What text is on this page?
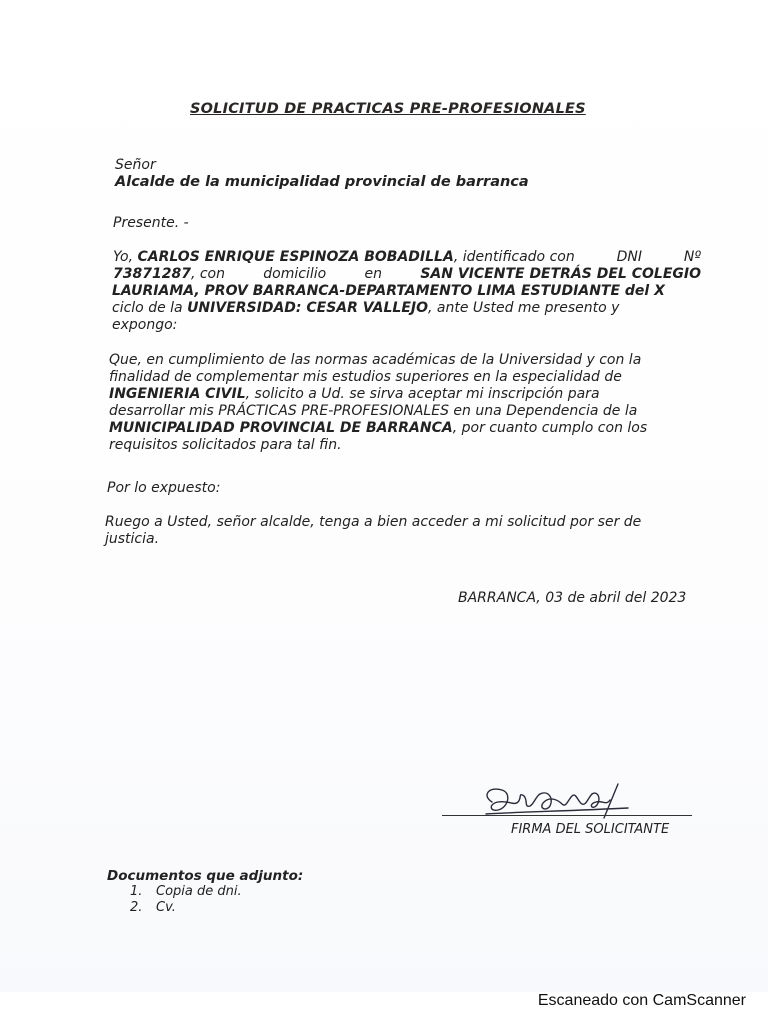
SOLICITUD DE PRACTICAS PRE-PROFESIONALES
Señor
Alcalde de la municipalidad provincial de barranca
Presente. -
Yo, CARLOS ENRIQUE ESPINOZA BOBADILLA, identificado con	DNI	Nº
73871287, con	domicilio	en	SAN VICENTE DETRÁS DEL COLEGIO
LAURIAMA, PROV BARRANCA-DEPARTAMENTO LIMA ESTUDIANTE del X
ciclo de la UNIVERSIDAD: CESAR VALLEJO, ante Usted me presento y
expongo:
Que, en cumplimiento de las normas académicas de la Universidad y con la
finalidad de complementar mis estudios superiores en la especialidad de
INGENIERIA CIVIL, solicito a Ud. se sirva aceptar mi inscripción para
desarrollar mis PRÁCTICAS PRE-PROFESIONALES en una Dependencia de la
MUNICIPALIDAD PROVINCIAL DE BARRANCA, por cuanto cumplo con los
requisitos solicitados para tal fin.
Por lo expuesto:
Ruego a Usted, señor alcalde, tenga a bien acceder a mi solicitud por ser de
justicia.
BARRANCA, 03 de abril del 2023
FIRMA DEL SOLICITANTE
Documentos que adjunto:
1. Copia de dni.
2. Cv.
Escaneado con CamScanner
